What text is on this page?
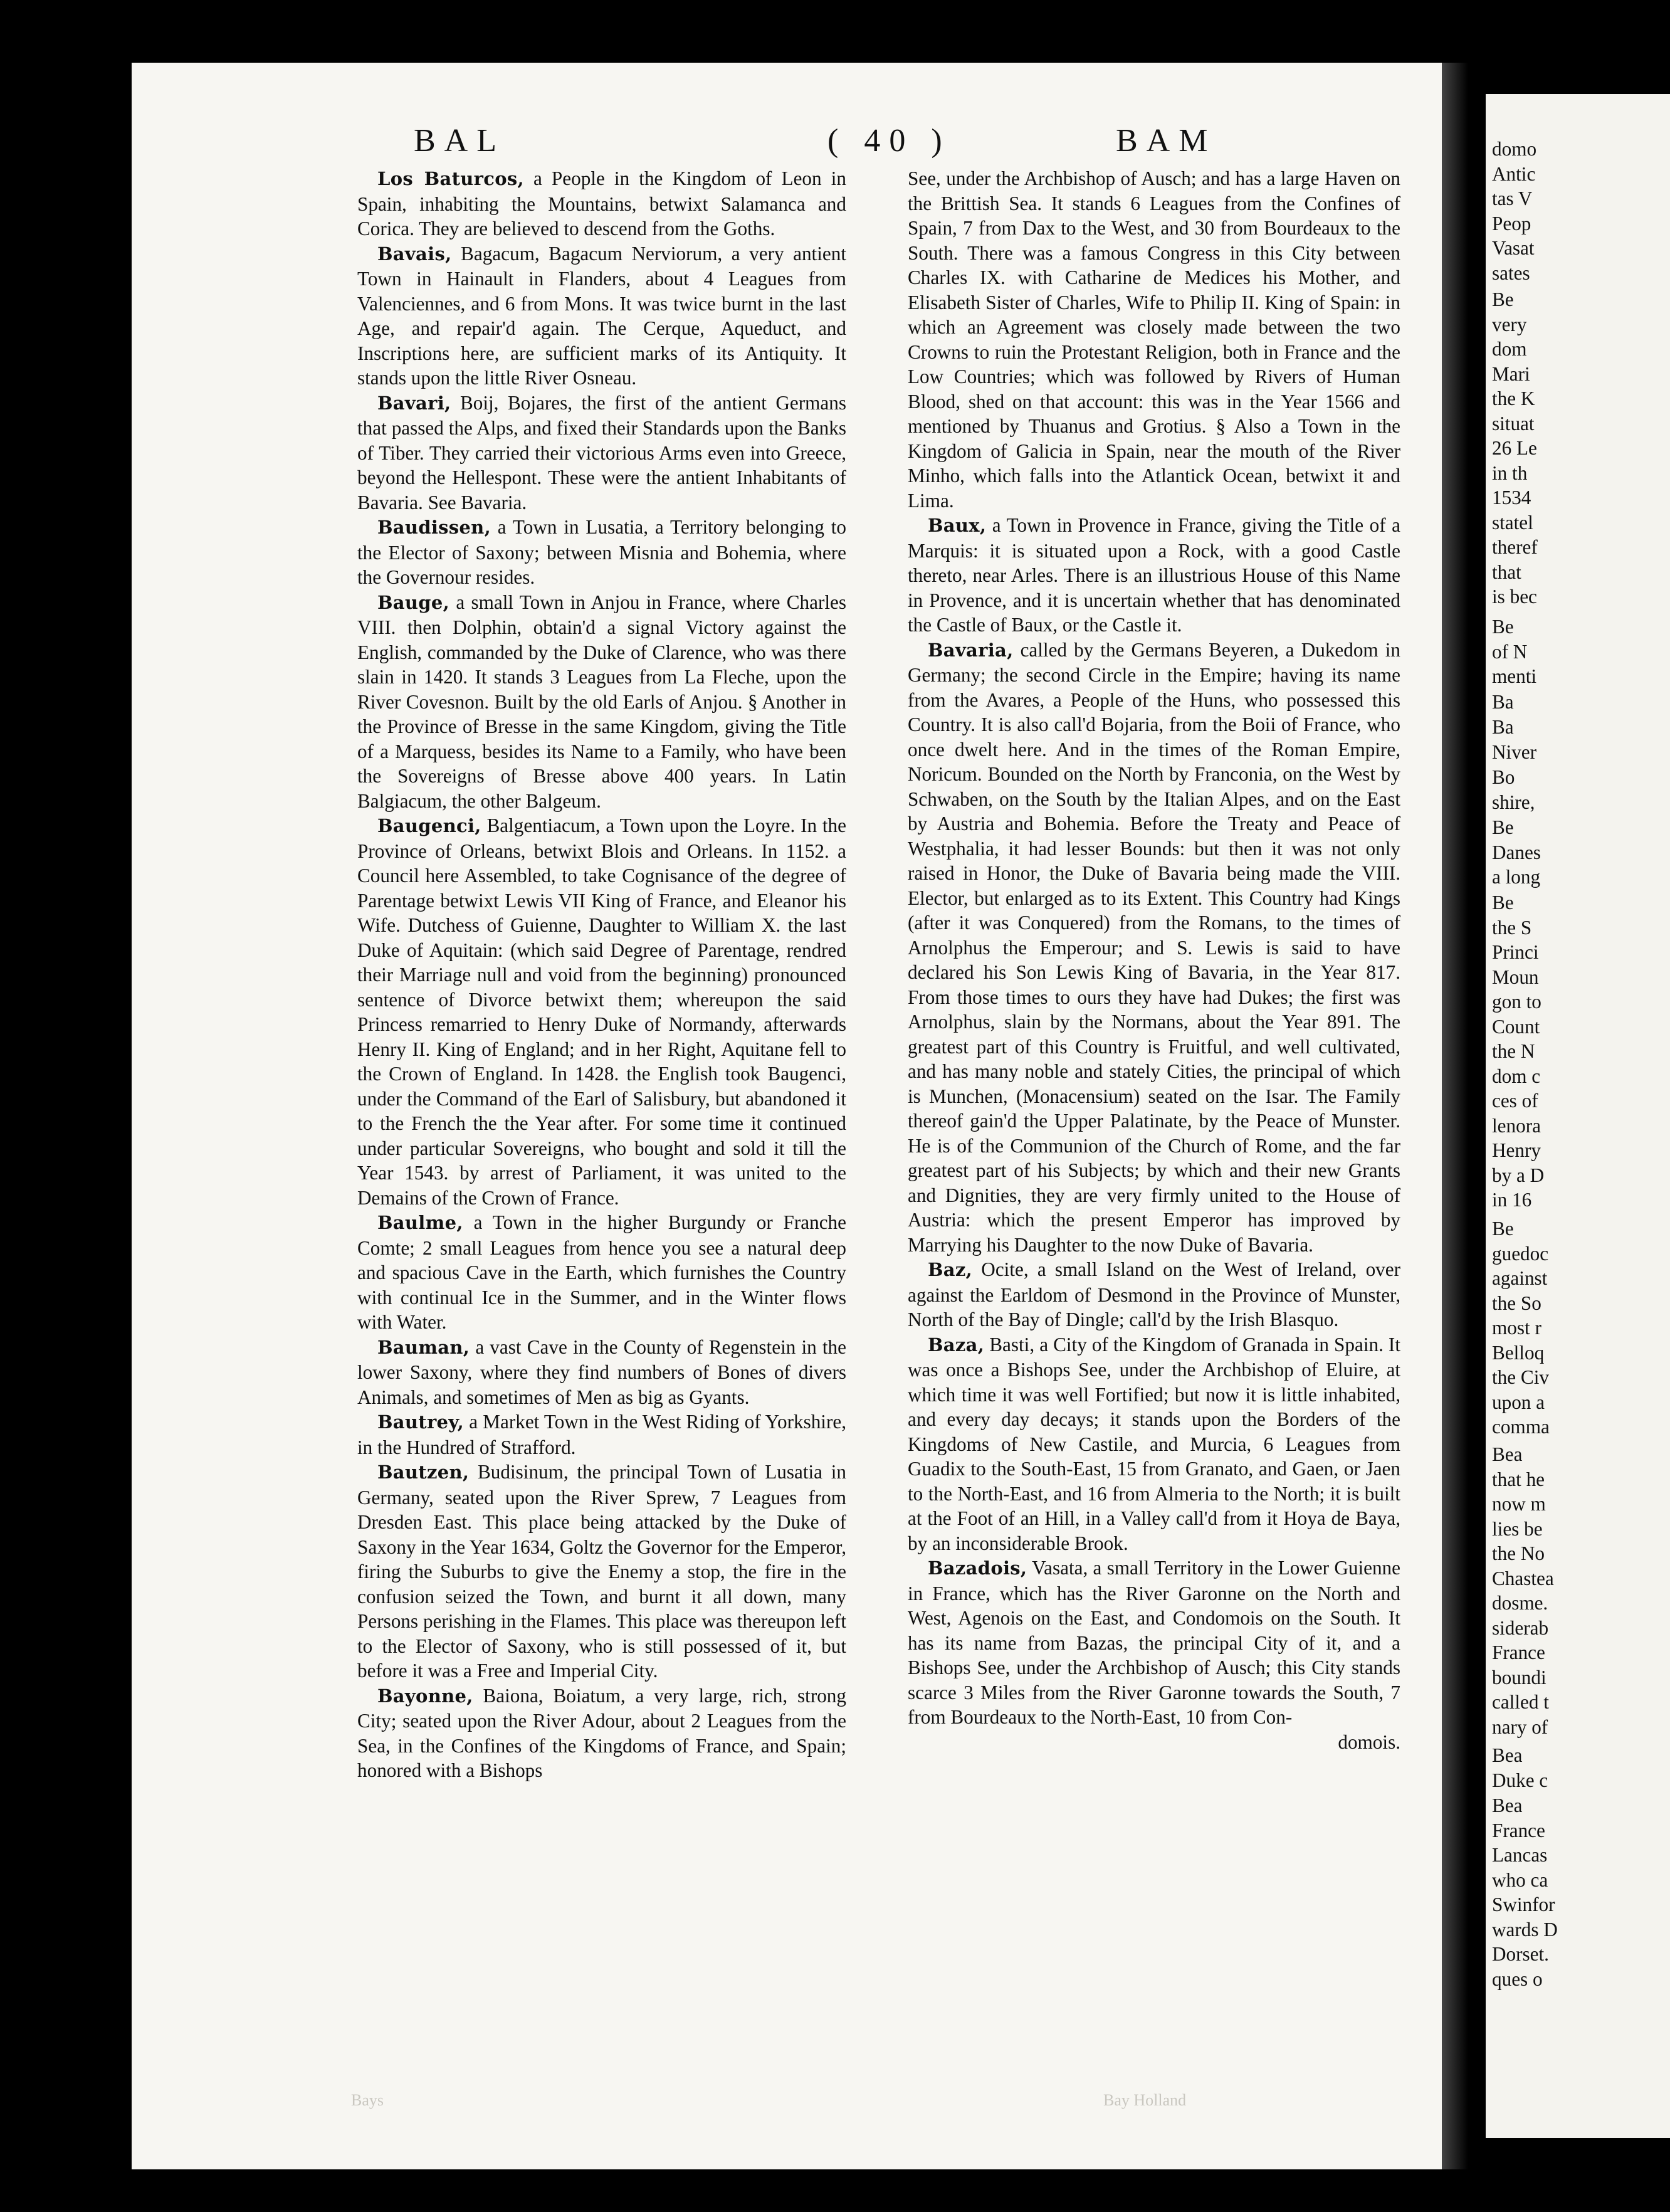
BAL	( 40 )	BAM

Los Baturcos, a People in the Kingdom of Leon in Spain, inhabiting the Mountains, betwixt Salamanca and Corica. They are believed to descend from the Goths.

Bavais, Bagacum, Bagacum Nerviorum, a very antient Town in Hainault in Flanders, about 4 Leagues from Valenciennes, and 6 from Mons. It was twice burnt in the last Age, and repair'd again. The Cerque, Aqueduct, and Inscriptions here, are sufficient marks of its Antiquity. It stands upon the little River Osneau.

Bavari, Boij, Bojares, the first of the antient Germans that passed the Alps, and fixed their Standards upon the Banks of Tiber. They carried their victorious Arms even into Greece, beyond the Hellespont. These were the antient Inhabitants of Bavaria. See Bavaria.

Baudissen, a Town in Lusatia, a Territory belonging to the Elector of Saxony; between Misnia and Bohemia, where the Governour resides.

Bauge, a small Town in Anjou in France, where Charles VIII. then Dolphin, obtain'd a signal Victory against the English, commanded by the Duke of Clarence, who was there slain in 1420. It stands 3 Leagues from La Fleche, upon the River Covesnon. Built by the old Earls of Anjou. § Another in the Province of Bresse in the same Kingdom, giving the Title of a Marquess, besides its Name to a Family, who have been the Sovereigns of Bresse above 400 years. In Latin Balgiacum, the other Balgeum.

Baugenci, Balgentiacum, a Town upon the Loyre. In the Province of Orleans, betwixt Blois and Orleans. In 1152. a Council here Assembled, to take Cognisance of the degree of Parentage betwixt Lewis VII King of France, and Eleanor his Wife. Dutchess of Guienne, Daughter to William X. the last Duke of Aquitain: (which said Degree of Parentage, rendred their Marriage null and void from the beginning) pronounced sentence of Divorce betwixt them; whereupon the said Princess remarried to Henry Duke of Normandy, afterwards Henry II. King of England; and in her Right, Aquitane fell to the Crown of England. In 1428. the English took Baugenci, under the Command of the Earl of Salisbury, but abandoned it to the French the the Year after. For some time it continued under particular Sovereigns, who bought and sold it till the Year 1543. by arrest of Parliament, it was united to the Demains of the Crown of France.

Baulme, a Town in the higher Burgundy or Franche Comte; 2 small Leagues from hence you see a natural deep and spacious Cave in the Earth, which furnishes the Country with continual Ice in the Summer, and in the Winter flows with Water.

Bauman, a vast Cave in the County of Regenstein in the lower Saxony, where they find numbers of Bones of divers Animals, and sometimes of Men as big as Gyants.

Bautrey, a Market Town in the West Riding of Yorkshire, in the Hundred of Strafford.

Bautzen, Budisinum, the principal Town of Lusatia in Germany, seated upon the River Sprew, 7 Leagues from Dresden East. This place being attacked by the Duke of Saxony in the Year 1634, Goltz the Governor for the Emperor, firing the Suburbs to give the Enemy a stop, the fire in the confusion seized the Town, and burnt it all down, many Persons perishing in the Flames. This place was thereupon left to the Elector of Saxony, who is still possessed of it, but before it was a Free and Imperial City.

Bayonne, Baiona, Boiatum, a very large, rich, strong City; seated upon the River Adour, about 2 Leagues from the Sea, in the Confines of the Kingdoms of France, and Spain; honored with a Bishops

See, under the Archbishop of Ausch; and has a large Haven on the Brittish Sea. It stands 6 Leagues from the Confines of Spain, 7 from Dax to the West, and 30 from Bourdeaux to the South. There was a famous Congress in this City between Charles IX. with Catharine de Medices his Mother, and Elisabeth Sister of Charles, Wife to Philip II. King of Spain: in which an Agreement was closely made between the two Crowns to ruin the Protestant Religion, both in France and the Low Countries; which was followed by Rivers of Human Blood, shed on that account: this was in the Year 1566 and mentioned by Thuanus and Grotius. § Also a Town in the Kingdom of Galicia in Spain, near the mouth of the River Minho, which falls into the Atlantick Ocean, betwixt it and Lima.

Baux, a Town in Provence in France, giving the Title of a Marquis: it is situated upon a Rock, with a good Castle thereto, near Arles. There is an illustrious House of this Name in Provence, and it is uncertain whether that has denominated the Castle of Baux, or the Castle it.

Bavaria, called by the Germans Beyeren, a Dukedom in Germany; the second Circle in the Empire; having its name from the Avares, a People of the Huns, who possessed this Country. It is also call'd Bojaria, from the Boii of France, who once dwelt here. And in the times of the Roman Empire, Noricum. Bounded on the North by Franconia, on the West by Schwaben, on the South by the Italian Alpes, and on the East by Austria and Bohemia. Before the Treaty and Peace of Westphalia, it had lesser Bounds: but then it was not only raised in Honor, the Duke of Bavaria being made the VIII. Elector, but enlarged as to its Extent. This Country had Kings (after it was Conquered) from the Romans, to the times of Arnolphus the Emperour; and S. Lewis is said to have declared his Son Lewis King of Bavaria, in the Year 817. From those times to ours they have had Dukes; the first was Arnolphus, slain by the Normans, about the Year 891. The greatest part of this Country is Fruitful, and well cultivated, and has many noble and stately Cities, the principal of which is Munchen, (Monacensium) seated on the Isar. The Family thereof gain'd the Upper Palatinate, by the Peace of Munster. He is of the Communion of the Church of Rome, and the far greatest part of his Subjects; by which and their new Grants and Dignities, they are very firmly united to the House of Austria: which the present Emperor has improved by Marrying his Daughter to the now Duke of Bavaria.

Baz, Ocite, a small Island on the West of Ireland, over against the Earldom of Desmond in the Province of Munster, North of the Bay of Dingle; call'd by the Irish Blasquo.

Baza, Basti, a City of the Kingdom of Granada in Spain. It was once a Bishops See, under the Archbishop of Eluire, at which time it was well Fortified; but now it is little inhabited, and every day decays; it stands upon the Borders of the Kingdoms of New Castile, and Murcia, 6 Leagues from Guadix to the South-East, 15 from Granato, and Gaen, or Jaen to the North-East, and 16 from Almeria to the North; it is built at the Foot of an Hill, in a Valley call'd from it Hoya de Baya, by an inconsiderable Brook.

Bazadois, Vasata, a small Territory in the Lower Guienne in France, which has the River Garonne on the North and West, Agenois on the East, and Condomois on the South. It has its name from Bazas, the principal City of it, and a Bishops See, under the Archbishop of Ausch; this City stands scarce 3 Miles from the River Garonne towards the South, 7 from Bourdeaux to the North-East, 10 from Con-

domois.

domo

Antic

tas V

Peop

Vasat

sates

Be

very

dom

Mari

the K

situat

26 Le

in th

1534

statel

theref

that

is bec

Be

of N

menti

Ba

Ba

Niver

Bo

shire,

Be

Danes

a long

Be

the S

Princi

Moun

gon to

Count

the N

dom c

ces of

lenora

Henry

by a D

in 16

Be

guedoc

against

the So

most r

Belloq

the Civ

upon a

comma

Bea

that he

now m

lies be

the No

Chastea

dosme.

siderab

France

boundi

called t

nary of

Bea

Duke c

Bea

France

Lancas

who ca

Swinfor

wards D

Dorset.

ques o

Bays	Bay Holland
